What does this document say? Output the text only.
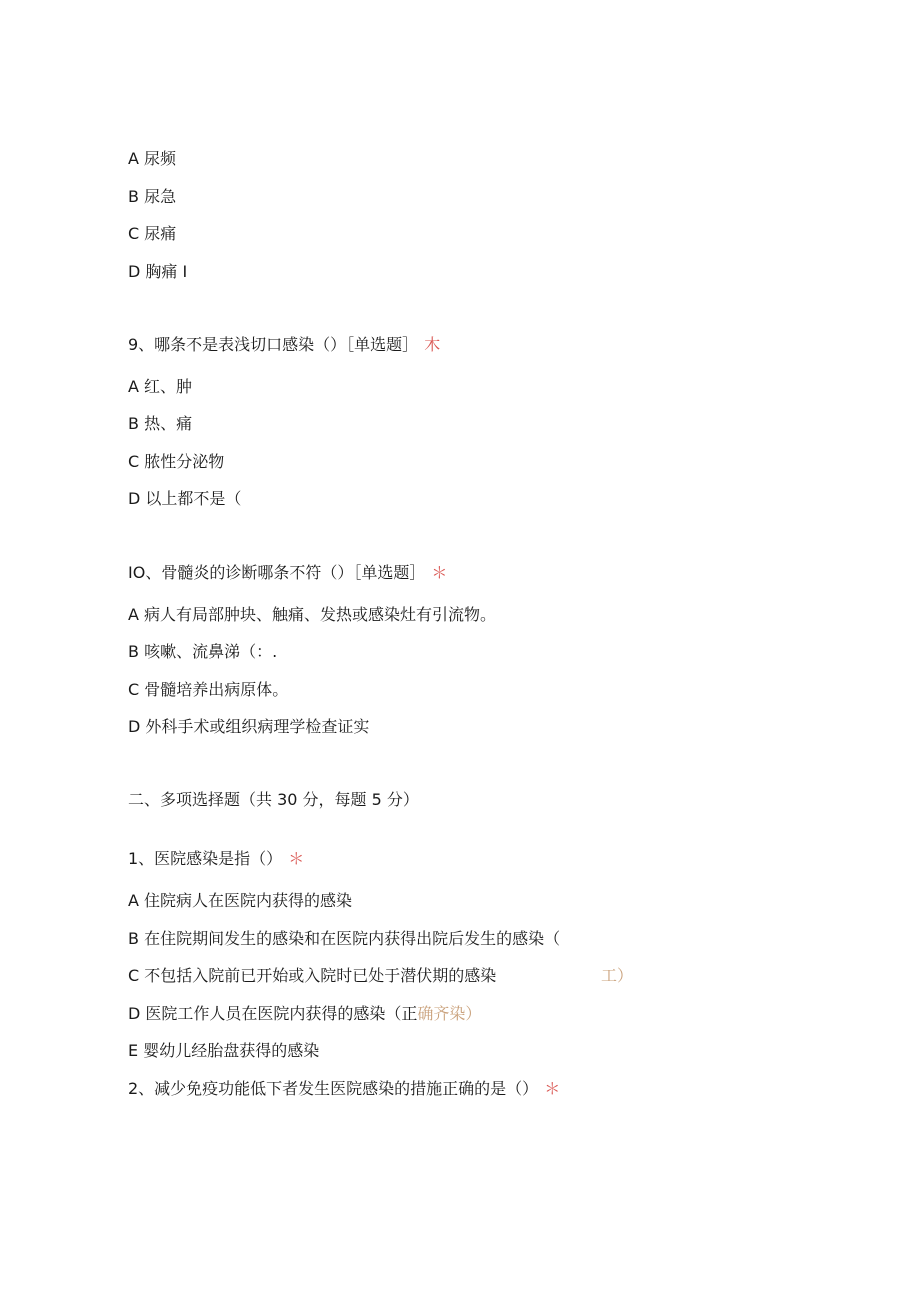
A 尿频
B 尿急
C 尿痛
D 胸痛 I
9、哪条不是表浅切口感染（）［单选题］ 木
A 红、肿
B 热、痛
C 脓性分泌物
D 以上都不是（
IO、骨髓炎的诊断哪条不符（）［单选题］ ＊
A 病人有局部肿块、触痛、发热或感染灶有引流物。
B 咳嗽、流鼻涕（：.
C 骨髓培养出病原体。
D 外科手术或组织病理学检查证实
二、多项选择题（共 30 分，每题 5 分）
1、医院感染是指（） ＊
A 住院病人在医院内获得的感染
B 在住院期间发生的感染和在医院内获得出院后发生的感染（
C 不包括入院前已开始或入院时已处于潜伏期的感染	工）
D 医院工作人员在医院内获得的感染（正确齐染）
E 婴幼儿经胎盘获得的感染
2、减少免疫功能低下者发生医院感染的措施正确的是（） ＊
